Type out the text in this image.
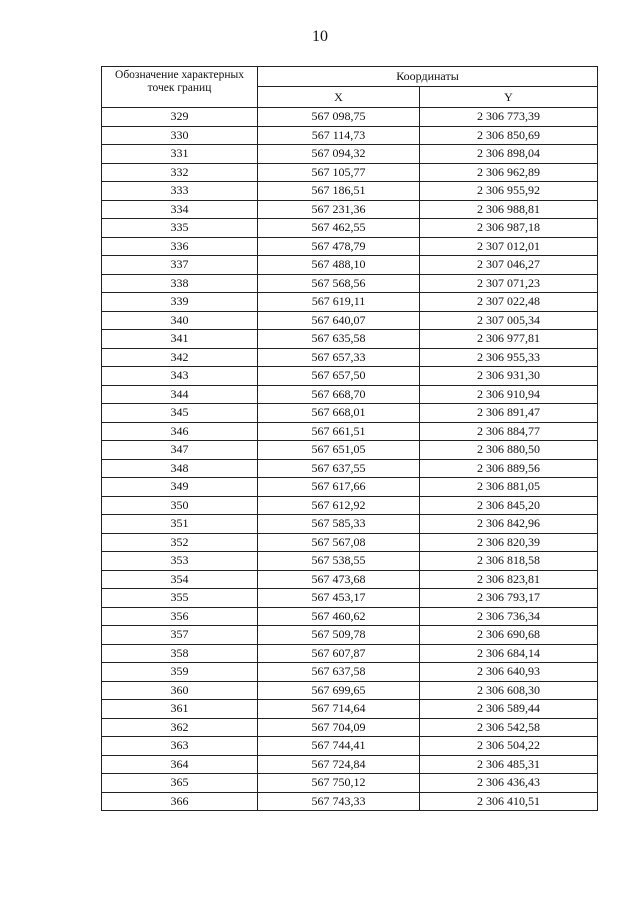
10
Обозначение характерных точек границ	Координаты	
	X	Y
329	567 098,75	2 306 773,39
330	567 114,73	2 306 850,69
331	567 094,32	2 306 898,04
332	567 105,77	2 306 962,89
333	567 186,51	2 306 955,92
334	567 231,36	2 306 988,81
335	567 462,55	2 306 987,18
336	567 478,79	2 307 012,01
337	567 488,10	2 307 046,27
338	567 568,56	2 307 071,23
339	567 619,11	2 307 022,48
340	567 640,07	2 307 005,34
341	567 635,58	2 306 977,81
342	567 657,33	2 306 955,33
343	567 657,50	2 306 931,30
344	567 668,70	2 306 910,94
345	567 668,01	2 306 891,47
346	567 661,51	2 306 884,77
347	567 651,05	2 306 880,50
348	567 637,55	2 306 889,56
349	567 617,66	2 306 881,05
350	567 612,92	2 306 845,20
351	567 585,33	2 306 842,96
352	567 567,08	2 306 820,39
353	567 538,55	2 306 818,58
354	567 473,68	2 306 823,81
355	567 453,17	2 306 793,17
356	567 460,62	2 306 736,34
357	567 509,78	2 306 690,68
358	567 607,87	2 306 684,14
359	567 637,58	2 306 640,93
360	567 699,65	2 306 608,30
361	567 714,64	2 306 589,44
362	567 704,09	2 306 542,58
363	567 744,41	2 306 504,22
364	567 724,84	2 306 485,31
365	567 750,12	2 306 436,43
366	567 743,33	2 306 410,51
